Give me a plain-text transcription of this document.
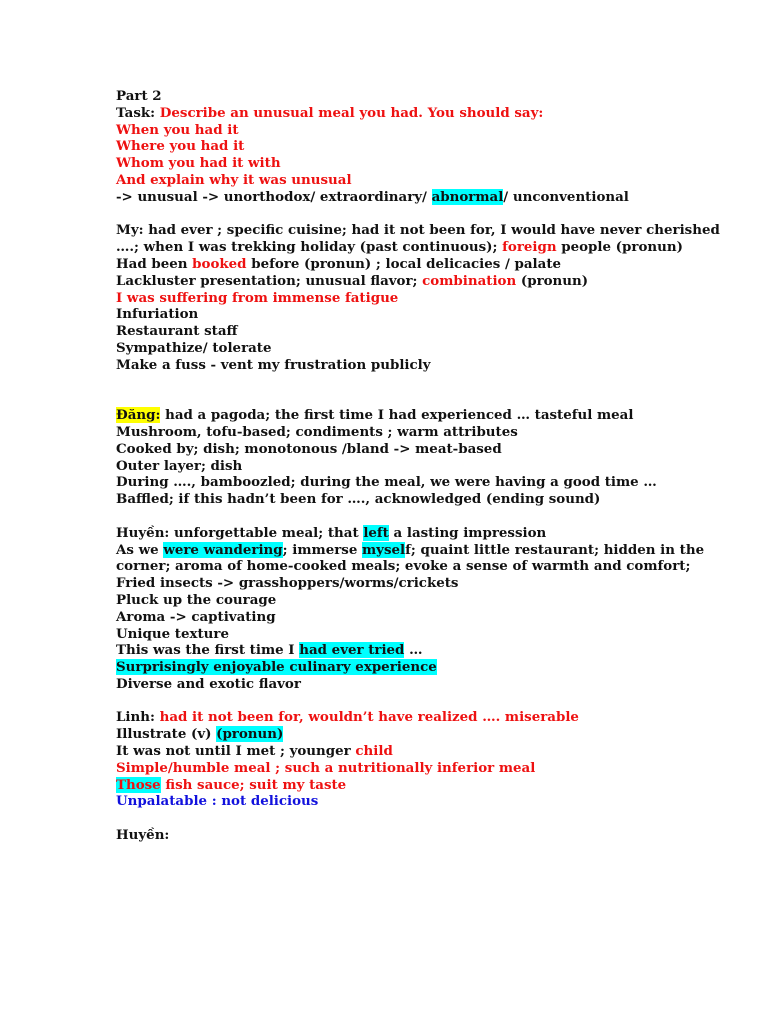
Part 2
Task: Describe an unusual meal you had. You should say:
When you had it
Where you had it
Whom you had it with
And explain why it was unusual
-> unusual -> unorthodox/ extraordinary/ abnormal/ unconventional
My: had ever ; specific cuisine; had it not been for, I would have never cherished
….; when I was trekking holiday (past continuous); foreign people (pronun)
Had been booked before (pronun) ; local delicacies / palate
Lackluster presentation; unusual flavor; combination (pronun)
I was suffering from immense fatigue
Infuriation
Restaurant staff
Sympathize/ tolerate
Make a fuss - vent my frustration publicly
Đăng: had a pagoda; the first time I had experienced … tasteful meal
Mushroom, tofu-based; condiments ; warm attributes
Cooked by; dish; monotonous /bland -> meat-based
Outer layer; dish
During …., bamboozled; during the meal, we were having a good time …
Baffled; if this hadn’t been for …., acknowledged (ending sound)
Huyền: unforgettable meal; that left a lasting impression
As we were wandering; immerse myself; quaint little restaurant; hidden in the
corner; aroma of home-cooked meals; evoke a sense of warmth and comfort;
Fried insects -> grasshoppers/worms/crickets
Pluck up the courage
Aroma -> captivating
Unique texture
This was the first time I had ever tried …
Surprisingly enjoyable culinary experience
Diverse and exotic flavor
Linh: had it not been for, wouldn’t have realized …. miserable
Illustrate (v) (pronun)
It was not until I met ; younger child
Simple/humble meal ; such a nutritionally inferior meal
Those fish sauce; suit my taste
Unpalatable : not delicious
Huyền:
